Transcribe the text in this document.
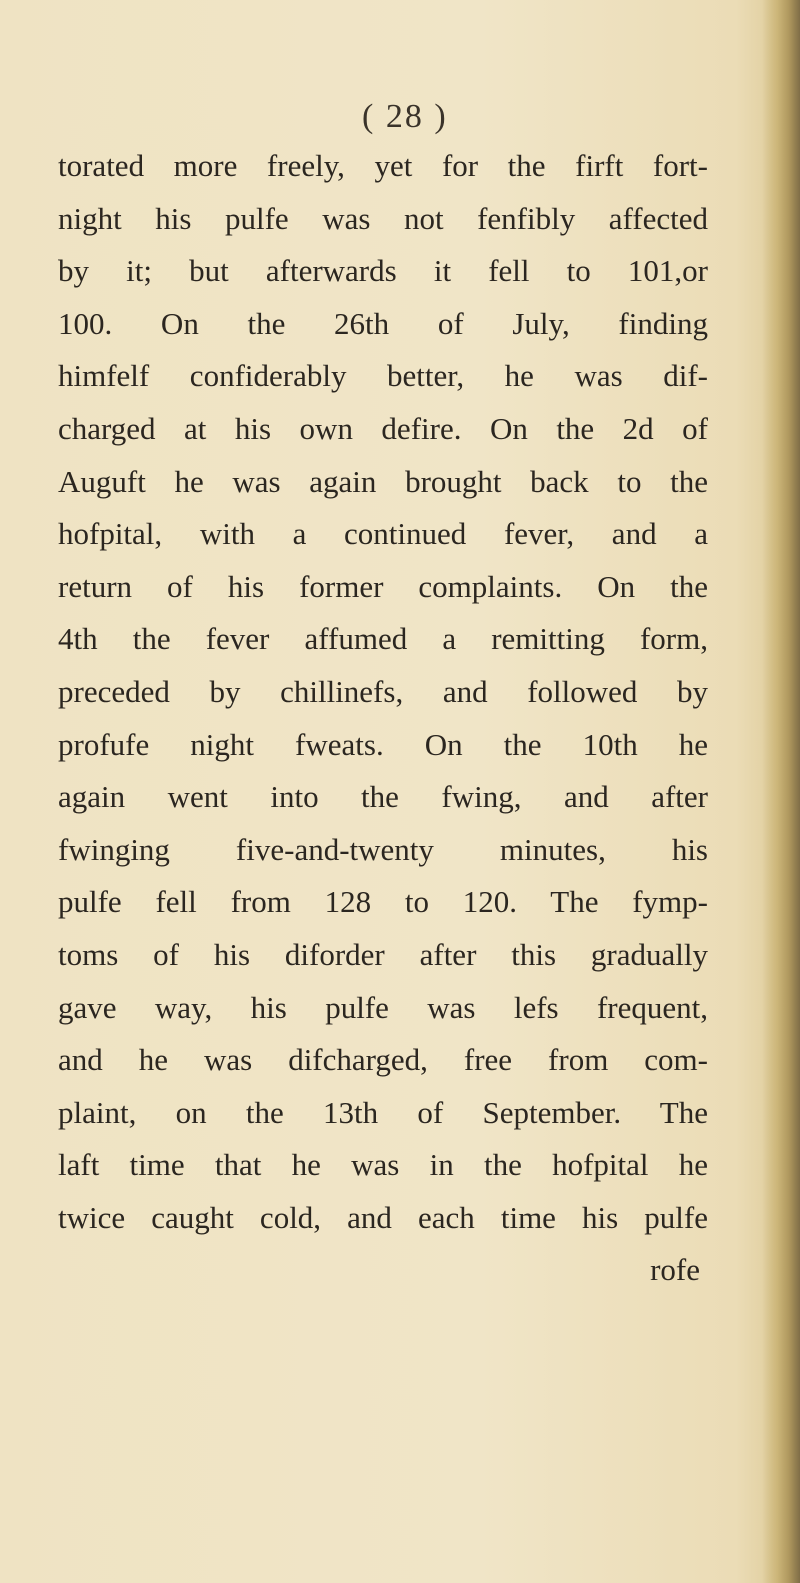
( 28 )
torated more freely, yet for the firft fort-
night his pulfe was not fenfibly affected
by it; but afterwards it fell to 101,or
100. On the 26th of July, finding
himfelf confiderably better, he was dif-
charged at his own defire. On the 2d of
Auguft he was again brought back to the
hofpital, with a continued fever, and a
return of his former complaints. On the
4th the fever affumed a remitting form,
preceded by chillinefs, and followed by
profufe night fweats. On the 10th he
again went into the fwing, and after
fwinging five-and-twenty minutes, his
pulfe fell from 128 to 120. The fymp-
toms of his diforder after this gradually
gave way, his pulfe was lefs frequent,
and he was difcharged, free from com-
plaint, on the 13th of September. The
laft time that he was in the hofpital he
twice caught cold, and each time his pulfe
rofe
